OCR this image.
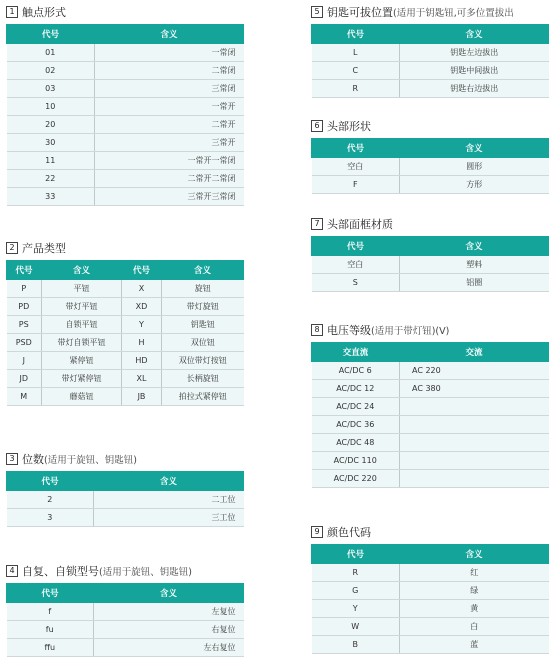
1 触点形式
代号	含义
01	一常闭
02	二常闭
03	三常闭
10	一常开
20	二常开
30	三常开
11	一常开一常闭
22	二常开二常闭
33	三常开三常闭
2 产品类型
代号	含义	代号	含义
P	平钮	X	旋钮
PD	带灯平钮	XD	带灯旋钮
PS	自锁平钮	Y	钥匙钮
PSD	带灯自锁平钮	H	双位钮
J	紧停钮	HD	双位带灯按钮
JD	带灯紧停钮	XL	长柄旋钮
M	蘑菇钮	JB	拍拉式紧停钮
3 位数 (适用于旋钮、钥匙钮)
代号	含义
2	二工位
3	三工位
4 自复、自锁型号 (适用于旋钮、钥匙钮)
代号	含义
f	左复位
fu	右复位
ffu	左右复位
5 钥匙可拔位置 (适用于钥匙钮,可多位置拔出
代号	含义
L	钥匙左边拔出
C	钥匙中间拔出
R	钥匙右边拔出
6 头部形状
代号	含义
空白	圆形
F	方形
7 头部面框材质
代号	含义
空白	塑料
S	铝圈
8 电压等级 (适用于带灯钮)(V)
交直流	交流
AC/DC 6	AC 220
AC/DC 12	AC 380
AC/DC 24	
AC/DC 36	
AC/DC 48	
AC/DC 110	
AC/DC 220	
9 颜色代码
代号	含义
R	红
G	绿
Y	黄
W	白
B	蓝
